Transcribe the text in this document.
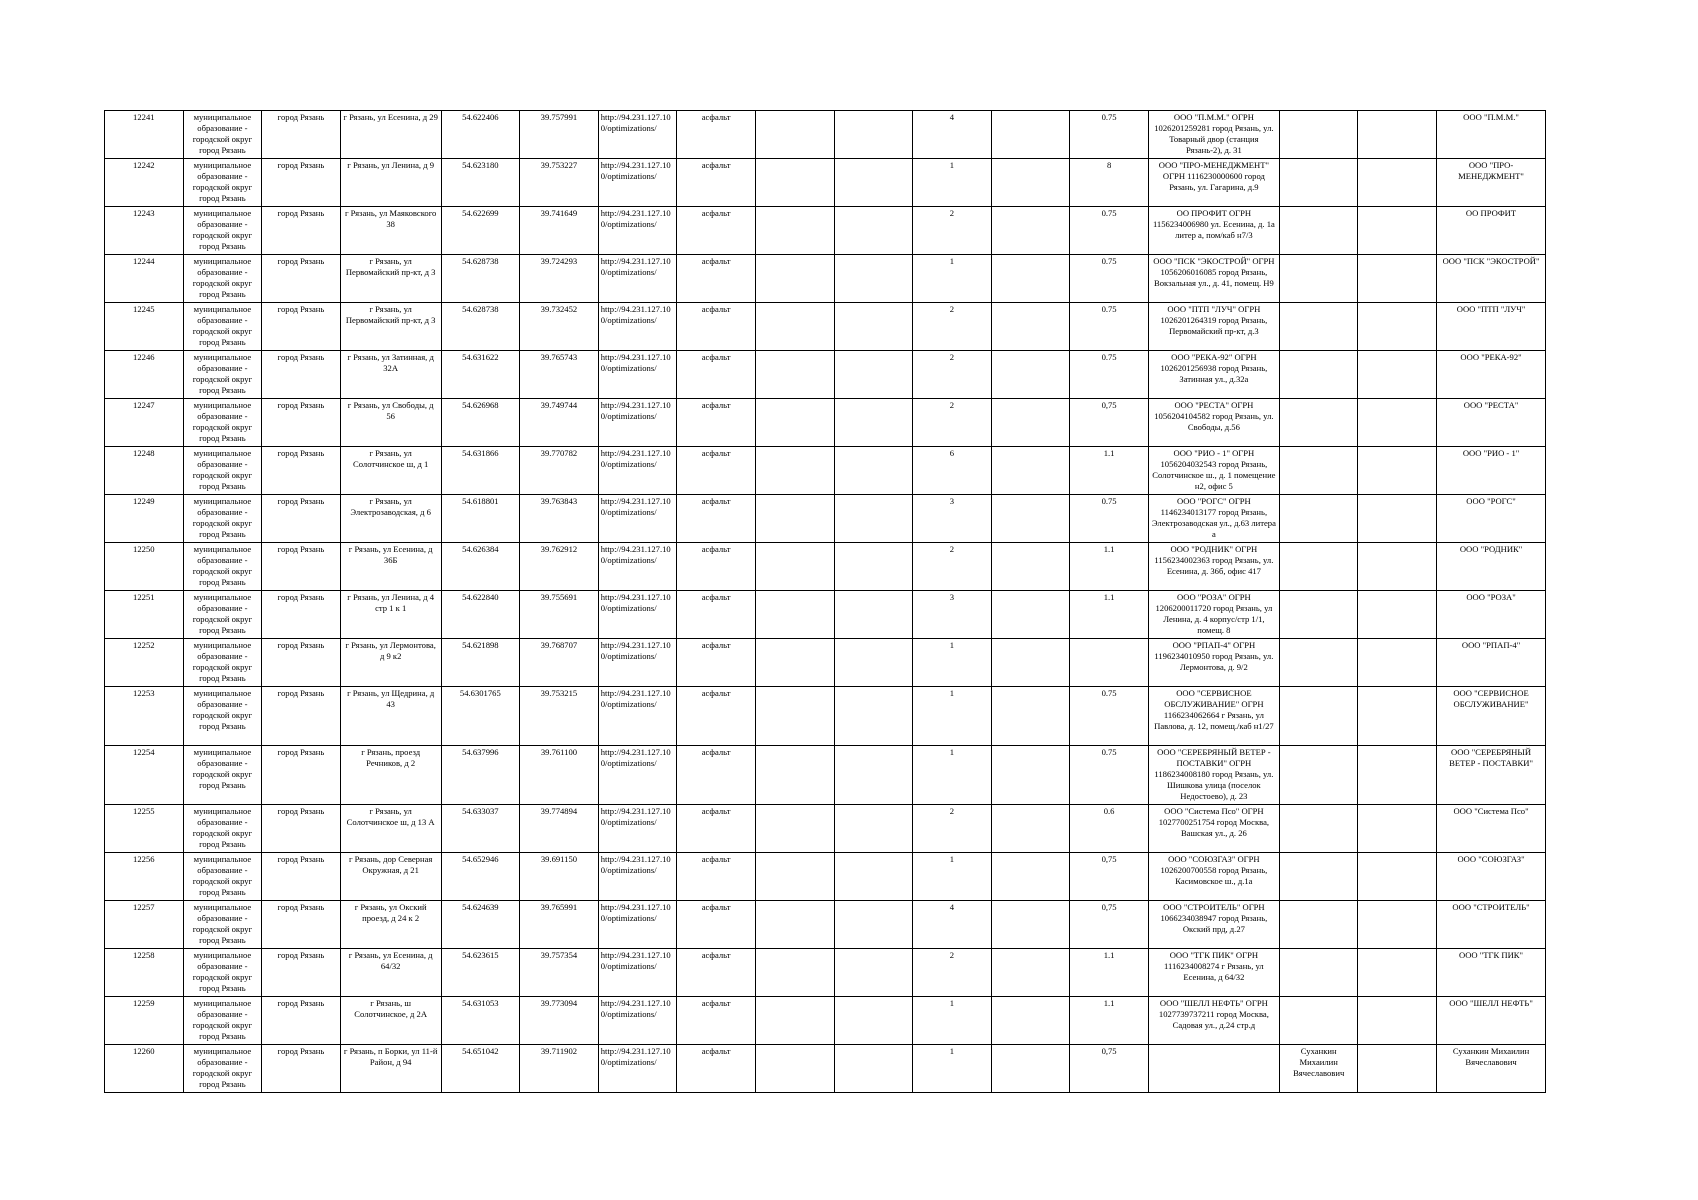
12241	муниципальное образование - городской округ город Рязань	город Рязань	г Рязань, ул Есенина, д 29	54.622406	39.757991	http://94.231.127.100/optimizations/	асфальт			4		0.75	ООО "П.М.М." ОГРН 1026201259281 город Рязань, ул. Товарный двор (станция Рязань-2), д. 31			ООО "П.М.М."
12242	муниципальное образование - городской округ город Рязань	город Рязань	г Рязань, ул Ленина, д 9	54.623180	39.753227	http://94.231.127.100/optimizations/	асфальт			1		8	ООО "ПРО-МЕНЕДЖМЕНТ" ОГРН 1116230000600 город Рязань, ул. Гагарина, д.9			ООО "ПРО-МЕНЕДЖМЕНТ"
12243	муниципальное образование - городской округ город Рязань	город Рязань	г Рязань, ул Маяковского 38	54.622699	39.741649	http://94.231.127.100/optimizations/	асфальт			2		0.75	ОО ПРОФИТ ОГРН 1156234006980 ул. Есенина, д. 1а литер а, пом/каб н7/3			ОО ПРОФИТ
12244	муниципальное образование - городской округ город Рязань	город Рязань	г Рязань, ул Первомайский пр-кт, д 3	54.628738	39.724293	http://94.231.127.100/optimizations/	асфальт			1		0.75	ООО "ПСК "ЭКОСТРОЙ" ОГРН 1056206016085 город Рязань, Вокзальная ул., д. 41, помещ. Н9			ООО "ПСК "ЭКОСТРОЙ"
12245	муниципальное образование - городской округ город Рязань	город Рязань	г Рязань, ул Первомайский пр-кт, д 3	54.628738	39.732452	http://94.231.127.100/optimizations/	асфальт			2		0.75	ООО "ПТП "ЛУЧ" ОГРН 1026201264319 город Рязань, Первомайский пр-кт, д.3			ООО "ПТП "ЛУЧ"
12246	муниципальное образование - городской округ город Рязань	город Рязань	г Рязань, ул Затинная, д 32А	54.631622	39.765743	http://94.231.127.100/optimizations/	асфальт			2		0.75	ООО "РЕКА-92" ОГРН 1026201256938 город Рязань, Затинная ул., д.32а			ООО "РЕКА-92"
12247	муниципальное образование - городской округ город Рязань	город Рязань	г Рязань, ул Свободы, д 56	54.626968	39.749744	http://94.231.127.100/optimizations/	асфальт			2		0,75	ООО "РЕСТА" ОГРН 1056204104582 город Рязань, ул. Свободы, д.56			ООО "РЕСТА"
12248	муниципальное образование - городской округ город Рязань	город Рязань	г Рязань, ул Солотчинское ш, д 1	54.631866	39.770782	http://94.231.127.100/optimizations/	асфальт			6		1.1	ООО "РИО - 1" ОГРН 1056204032543 город Рязань, Солотчинское ш., д. 1 помещение н2, офис 5			ООО "РИО - 1"
12249	муниципальное образование - городской округ город Рязань	город Рязань	г Рязань, ул Электрозаводская, д 6	54.618801	39.763843	http://94.231.127.100/optimizations/	асфальт			3		0.75	ООО "РОГС" ОГРН 1146234013177 город Рязань, Электрозаводская ул., д.63 литера а			ООО "РОГС"
12250	муниципальное образование - городской округ город Рязань	город Рязань	г Рязань, ул Есенина, д 36Б	54.626384	39.762912	http://94.231.127.100/optimizations/	асфальт			2		1.1	ООО "РОДНИК" ОГРН 1156234002363 город Рязань, ул. Есенина, д. 36б, офис 417			ООО "РОДНИК"
12251	муниципальное образование - городской округ город Рязань	город Рязань	г Рязань, ул Ленина, д 4 стр 1 к 1	54.622840	39.755691	http://94.231.127.100/optimizations/	асфальт			3		1.1	ООО "РОЗА" ОГРН 1206200011720 город Рязань, ул Ленина, д. 4 корпус/стр 1/1, помещ. 8			ООО "РОЗА"
12252	муниципальное образование - городской округ город Рязань	город Рязань	г Рязань, ул Лермонтова, д 9 к2	54.621898	39.768707	http://94.231.127.100/optimizations/	асфальт			1			ООО "РПАП-4" ОГРН 1196234010950 город Рязань, ул. Лермонтова, д. 9/2			ООО "РПАП-4"
12253	муниципальное образование - городской округ город Рязань	город Рязань	г Рязань, ул Щедрина, д 43	54.6301765	39.753215	http://94.231.127.100/optimizations/	асфальт			1		0.75	ООО "СЕРВИСНОЕ ОБСЛУЖИВАНИЕ" ОГРН 1166234062664 г Рязань, ул Павлова, д. 12, помещ./каб н1/27			ООО "СЕРВИСНОЕ ОБСЛУЖИВАНИЕ"
12254	муниципальное образование - городской округ город Рязань	город Рязань	г Рязань, проезд Речников, д 2	54.637996	39.761100	http://94.231.127.100/optimizations/	асфальт			1		0.75	ООО "СЕРЕБРЯНЫЙ ВЕТЕР - ПОСТАВКИ" ОГРН 1186234008180 город Рязань, ул. Шишкова улица (поселок Недостоево), д. 23			ООО "СЕРЕБРЯНЫЙ ВЕТЕР - ПОСТАВКИ"
12255	муниципальное образование - городской округ город Рязань	город Рязань	г Рязань, ул Солотчинское ш, д 13 А	54.633037	39.774894	http://94.231.127.100/optimizations/	асфальт			2		0.6	ООО "Система Псо" ОГРН 1027700251754 город Москва, Вашская ул., д. 26			ООО "Система Псо"
12256	муниципальное образование - городской округ город Рязань	город Рязань	г Рязань, дор Северная Окружная, д 21	54.652946	39.691150	http://94.231.127.100/optimizations/	асфальт			1		0,75	ООО "СОЮЗГАЗ" ОГРН 1026200700558 город Рязань, Касимовское ш., д.1а			ООО "СОЮЗГАЗ"
12257	муниципальное образование - городской округ город Рязань	город Рязань	г Рязань, ул Окский проезд, д 24 к 2	54.624639	39.765991	http://94.231.127.100/optimizations/	асфальт			4		0,75	ООО "СТРОИТЕЛЬ" ОГРН 1066234038947 город Рязань, Окский прд, д.27			ООО "СТРОИТЕЛЬ"
12258	муниципальное образование - городской округ город Рязань	город Рязань	г Рязань, ул Есенина, д 64/32	54.623615	39.757354	http://94.231.127.100/optimizations/	асфальт			2		1.1	ООО "ТГК ПИК" ОГРН 1116234008274 г Рязань, ул Есенина, д 64/32			ООО "ТГК ПИК"
12259	муниципальное образование - городской округ город Рязань	город Рязань	г Рязань, ш Солотчинское, д 2А	54.631053	39.773094	http://94.231.127.100/optimizations/	асфальт			1		1.1	ООО "ШЕЛЛ НЕФТЬ" ОГРН 1027739737211 город Москва, Садовая ул., д.24 стр.д			ООО "ШЕЛЛ НЕФТЬ"
12260	муниципальное образование - городской округ город Рязань	город Рязань	г Рязань, п Борки, ул 11-й Район, д 94	54.651042	39.711902	http://94.231.127.100/optimizations/	асфальт			1		0,75		Суханкин Михаилин Вячеславович		Суханкин Михаилин Вячеславович
